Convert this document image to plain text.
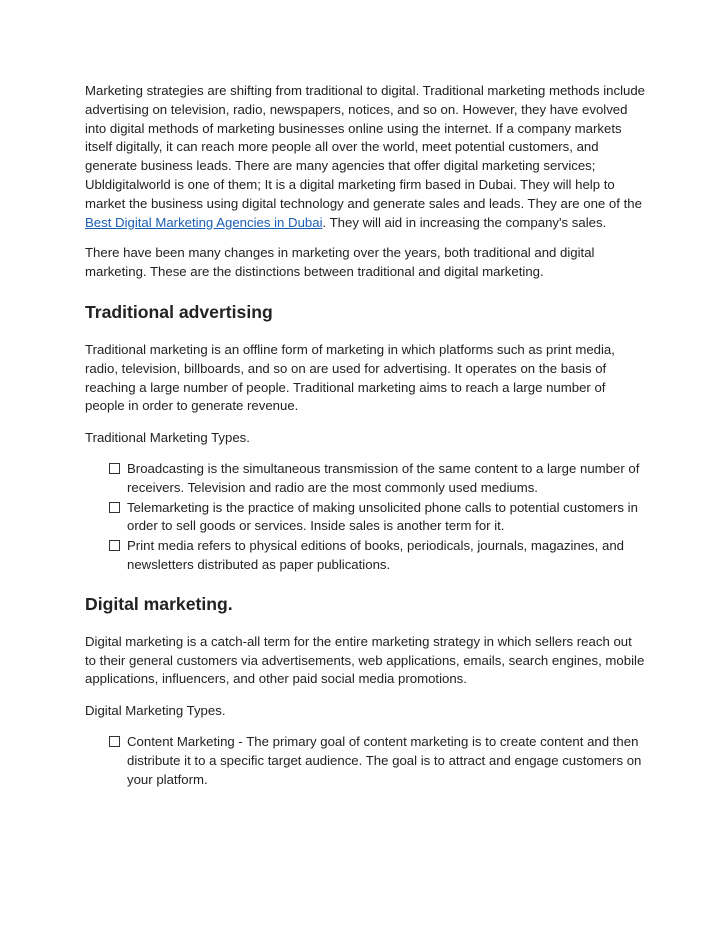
Marketing strategies are shifting from traditional to digital. Traditional marketing methods include advertising on television, radio, newspapers, notices, and so on. However, they have evolved into digital methods of marketing businesses online using the internet. If a company markets itself digitally, it can reach more people all over the world, meet potential customers, and generate business leads. There are many agencies that offer digital marketing services; Ubldigitalworld is one of them; It is a digital marketing firm based in Dubai. They will help to market the business using digital technology and generate sales and leads. They are one of the Best Digital Marketing Agencies in Dubai. They will aid in increasing the company's sales.

There have been many changes in marketing over the years, both traditional and digital marketing. These are the distinctions between traditional and digital marketing.

Traditional advertising

Traditional marketing is an offline form of marketing in which platforms such as print media, radio, television, billboards, and so on are used for advertising. It operates on the basis of reaching a large number of people. Traditional marketing aims to reach a large number of people in order to generate revenue.

Traditional Marketing Types.

Broadcasting is the simultaneous transmission of the same content to a large number of receivers. Television and radio are the most commonly used mediums.
Telemarketing is the practice of making unsolicited phone calls to potential customers in order to sell goods or services. Inside sales is another term for it.
Print media refers to physical editions of books, periodicals, journals, magazines, and newsletters distributed as paper publications.
Digital marketing.

Digital marketing is a catch-all term for the entire marketing strategy in which sellers reach out to their general customers via advertisements, web applications, emails, search engines, mobile applications, influencers, and other paid social media promotions.

Digital Marketing Types.

Content Marketing - The primary goal of content marketing is to create content and then distribute it to a specific target audience. The goal is to attract and engage customers on your platform.
